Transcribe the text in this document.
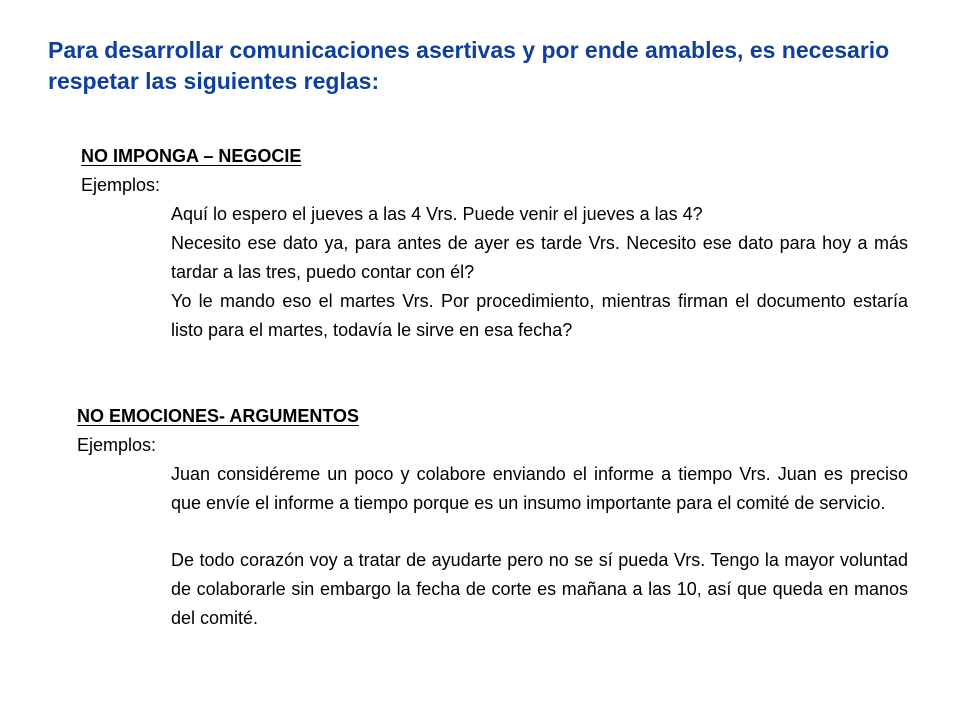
Para desarrollar comunicaciones asertivas y por ende amables, es necesario respetar las siguientes reglas:
NO IMPONGA – NEGOCIE
Ejemplos:

Aquí lo espero el jueves a las 4 Vrs. Puede venir el jueves a las 4?

Necesito ese dato ya, para antes de ayer es tarde Vrs. Necesito ese dato para hoy a más tardar a las tres, puedo contar con él?

Yo le mando eso el martes Vrs. Por procedimiento, mientras firman el documento estaría listo para el martes, todavía le sirve en esa fecha?

NO EMOCIONES- ARGUMENTOS
Ejemplos:

Juan considéreme un poco y colabore enviando el informe a tiempo Vrs. Juan es preciso que envíe el informe a tiempo porque es un insumo importante para el comité de servicio.

De todo corazón voy a tratar de ayudarte pero no se sí pueda Vrs. Tengo la mayor voluntad de colaborarle sin embargo la fecha de corte es mañana a las 10, así que queda en manos del comité.
